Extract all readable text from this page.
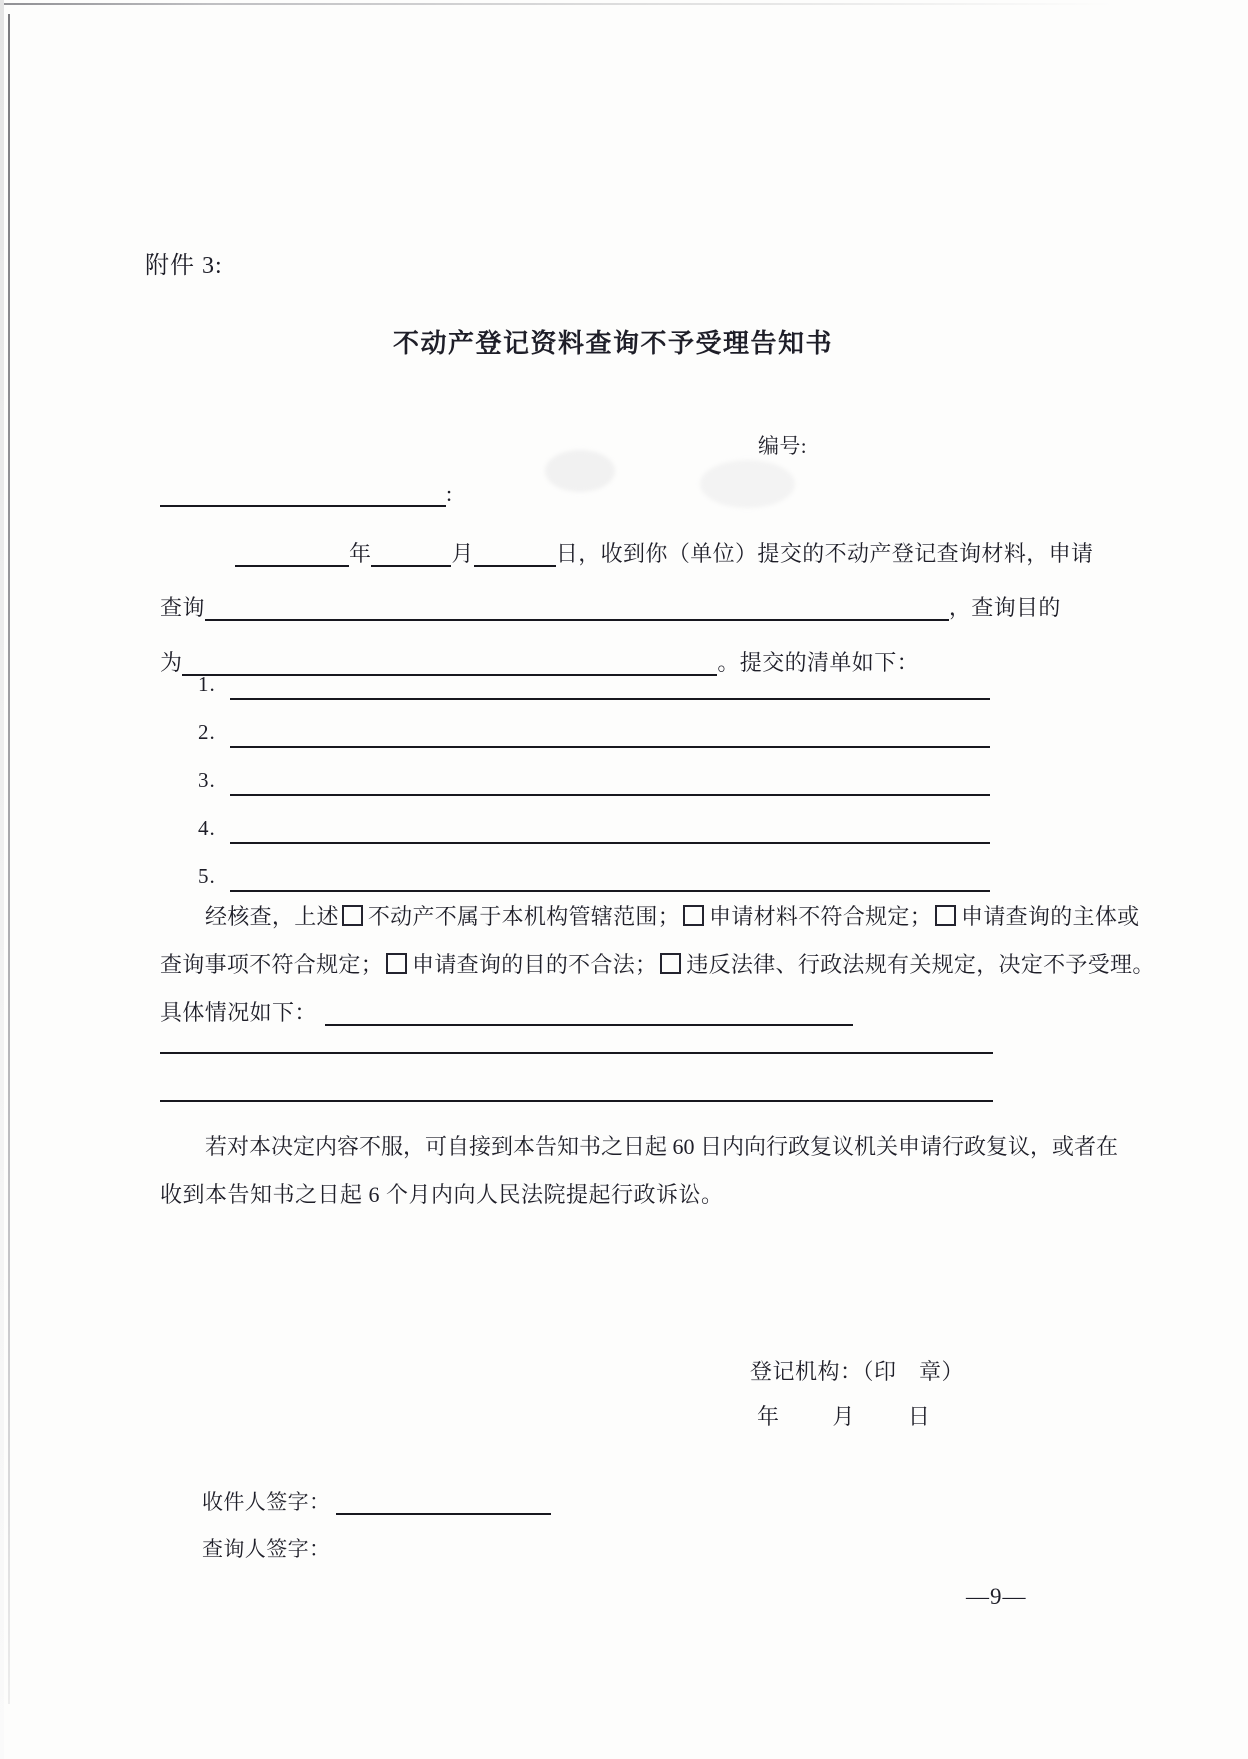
附件 3:
不动产登记资料查询不予受理告知书
编号:
:
年	月	日，收到你（单位）提交的不动产登记查询材料，申请
查询	，查询目的
为	。提交的清单如下：
1.
2.
3.
4.
5.
经核查，上述 不动产不属于本机构管辖范围； 申请材料不符合规定； 申请查询的主体或
查询事项不符合规定； 申请查询的目的不合法； 违反法律、行政法规有关规定，决定不予受理。
具体情况如下：
若对本决定内容不服，可自接到本告知书之日起 60 日内向行政复议机关申请行政复议，或者在
收到本告知书之日起 6 个月内向人民法院提起行政诉讼。
登记机构：（印　章）
年 月 日
收件人签字：
查询人签字：
—9—
